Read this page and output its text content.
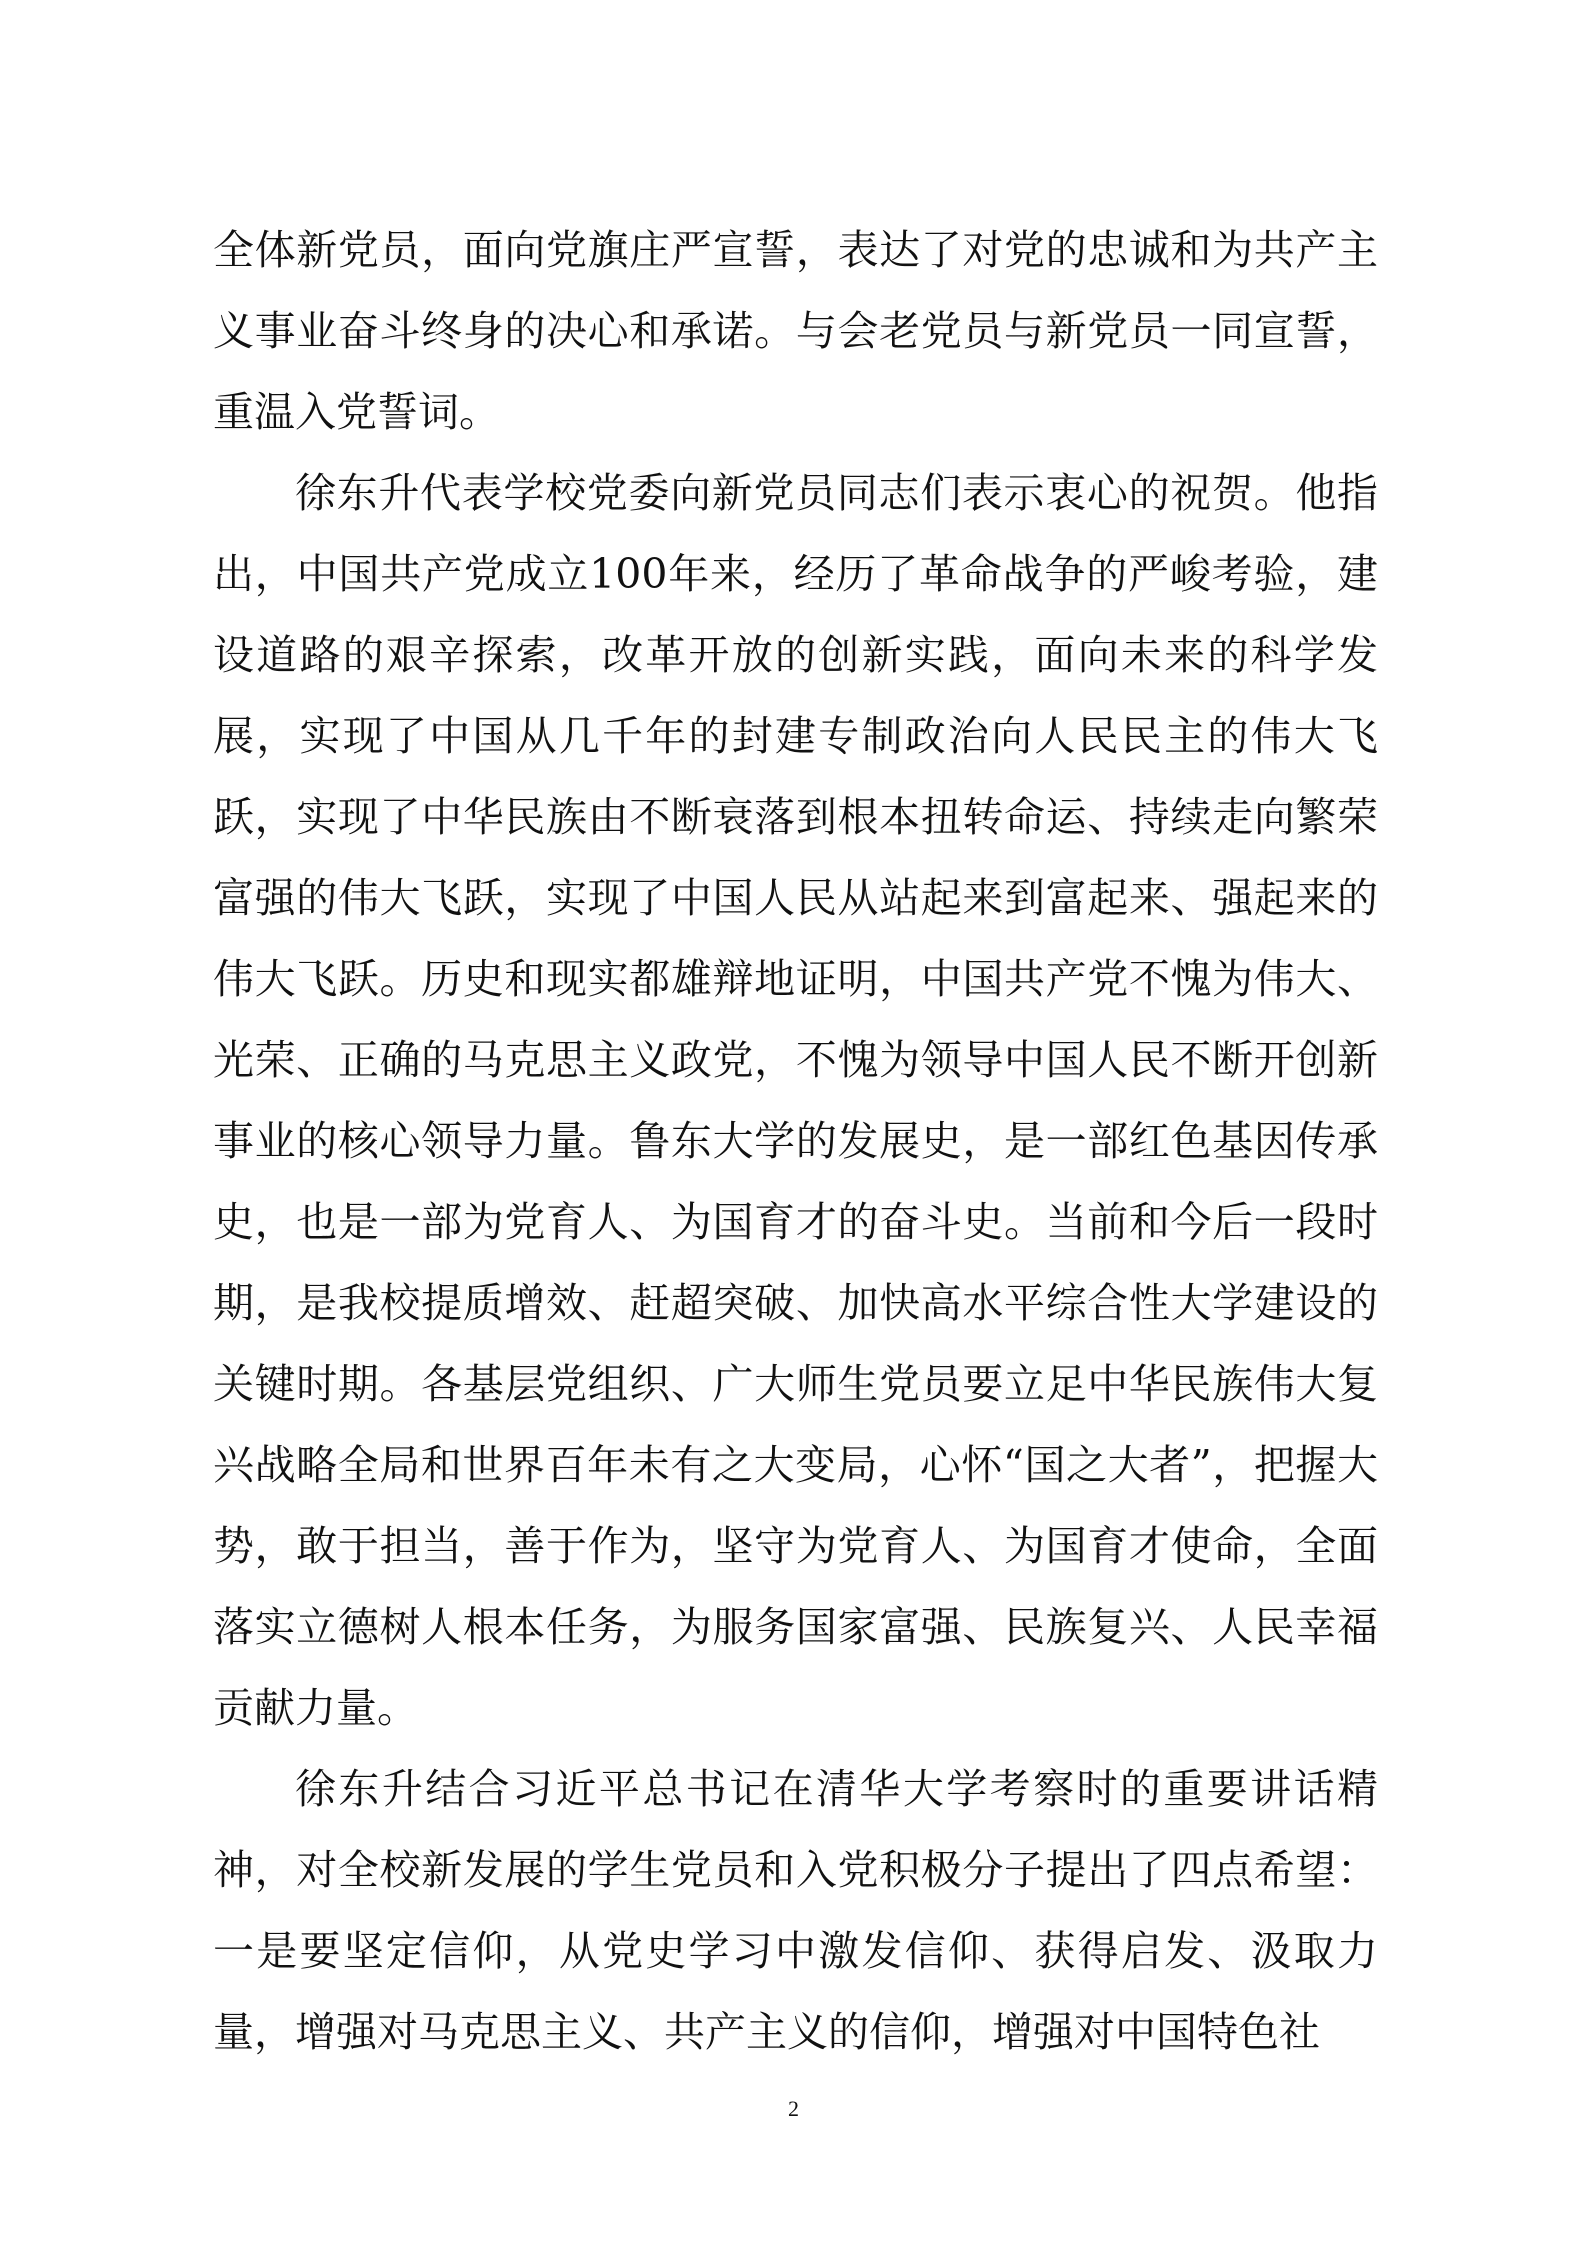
全体新党员，面向党旗庄严宣誓，表达了对党的忠诚和为共产主义事业奋斗终身的决心和承诺。与会老党员与新党员一同宣誓，重温入党誓词。

徐东升代表学校党委向新党员同志们表示衷心的祝贺。他指出，中国共产党成立100年来，经历了革命战争的严峻考验，建设道路的艰辛探索，改革开放的创新实践，面向未来的科学发展，实现了中国从几千年的封建专制政治向人民民主的伟大飞跃，实现了中华民族由不断衰落到根本扭转命运、持续走向繁荣富强的伟大飞跃，实现了中国人民从站起来到富起来、强起来的伟大飞跃。历史和现实都雄辩地证明，中国共产党不愧为伟大、光荣、正确的马克思主义政党，不愧为领导中国人民不断开创新事业的核心领导力量。鲁东大学的发展史，是一部红色基因传承史，也是一部为党育人、为国育才的奋斗史。当前和今后一段时期，是我校提质增效、赶超突破、加快高水平综合性大学建设的关键时期。各基层党组织、广大师生党员要立足中华民族伟大复兴战略全局和世界百年未有之大变局，心怀“国之大者”，把握大势，敢于担当，善于作为，坚守为党育人、为国育才使命，全面落实立德树人根本任务，为服务国家富强、民族复兴、人民幸福贡献力量。

徐东升结合习近平总书记在清华大学考察时的重要讲话精神，对全校新发展的学生党员和入党积极分子提出了四点希望：一是要坚定信仰，从党史学习中激发信仰、获得启发、汲取力量，增强对马克思主义、共产主义的信仰，增强对中国特色社

2
